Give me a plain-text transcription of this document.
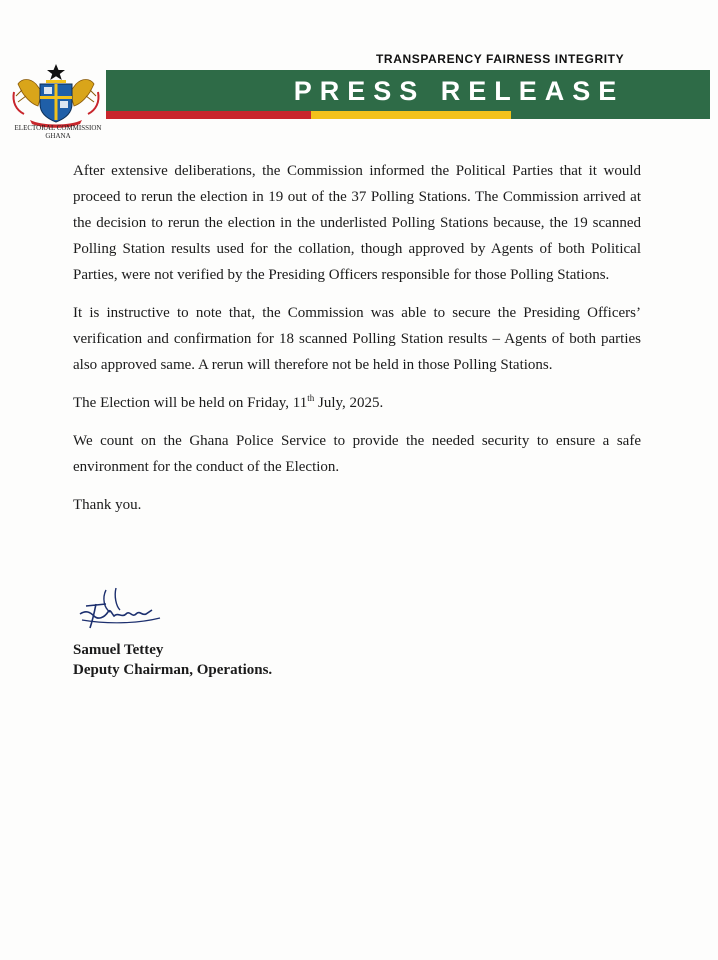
TRANSPARENCY FAIRNESS INTEGRITY
PRESS RELEASE
ELECTORAL COMMISSION
GHANA

After extensive deliberations, the Commission informed the Political Parties that it would proceed to rerun the election in 19 out of the 37 Polling Stations. The Commission arrived at the decision to rerun the election in the underlisted Polling Stations because, the 19 scanned Polling Station results used for the collation, though approved by Agents of both Political Parties, were not verified by the Presiding Officers responsible for those Polling Stations.

It is instructive to note that, the Commission was able to secure the Presiding Officers’ verification and confirmation for 18 scanned Polling Station results – Agents of both parties also approved same. A rerun will therefore not be held in those Polling Stations.

The Election will be held on Friday, 11th July, 2025.

We count on the Ghana Police Service to provide the needed security to ensure a safe environment for the conduct of the Election.

Thank you.

Samuel Tettey
Deputy Chairman, Operations.
